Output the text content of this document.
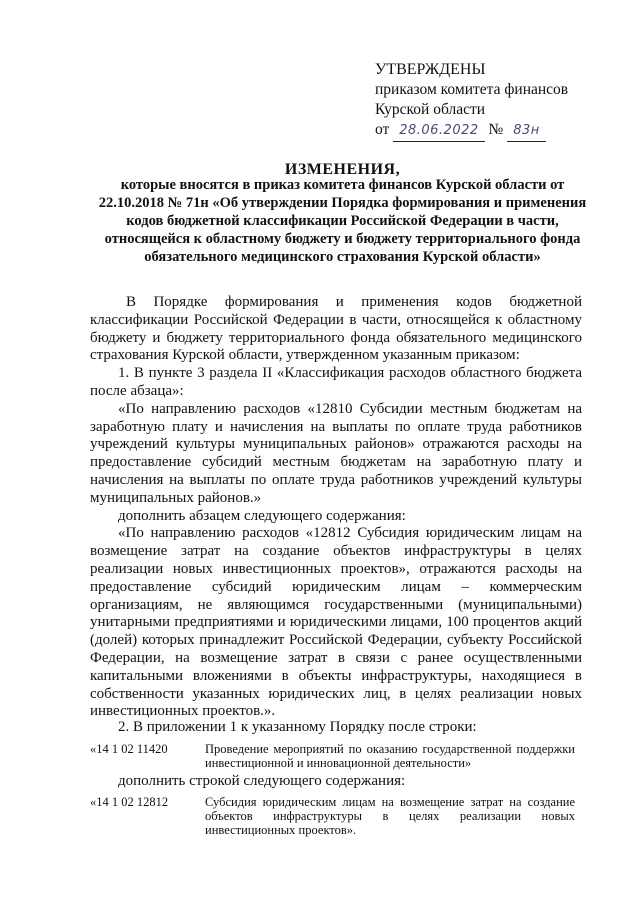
УТВЕРЖДЕНЫ
приказом комитета финансов
Курской области
от 28.06.2022 № 83н
ИЗМЕНЕНИЯ,
которые вносятся в приказ комитета финансов Курской области от 22.10.2018 № 71н «Об утверждении Порядка формирования и применения кодов бюджетной классификации Российской Федерации в части, относящейся к областному бюджету и бюджету территориального фонда обязательного медицинского страхования Курской области»

В Порядке формирования и применения кодов бюджетной классификации Российской Федерации в части, относящейся к областному бюджету и бюджету территориального фонда обязательного медицинского страхования Курской области, утвержденном указанным приказом:

1. В пункте 3 раздела II «Классификация расходов областного бюджета после абзаца»:

«По направлению расходов «12810 Субсидии местным бюджетам на заработную плату и начисления на выплаты по оплате труда работников учреждений культуры муниципальных районов» отражаются расходы на предоставление субсидий местным бюджетам на заработную плату и начисления на выплаты по оплате труда работников учреждений культуры муниципальных районов.»

дополнить абзацем следующего содержания:

«По направлению расходов «12812 Субсидия юридическим лицам на возмещение затрат на создание объектов инфраструктуры в целях реализации новых инвестиционных проектов», отражаются расходы на предоставление субсидий юридическим лицам – коммерческим организациям, не являющимся государственными (муниципальными) унитарными предприятиями и юридическими лицами, 100 процентов акций (долей) которых принадлежит Российской Федерации, субъекту Российской Федерации, на возмещение затрат в связи с ранее осуществленными капитальными вложениями в объекты инфраструктуры, находящиеся в собственности указанных юридических лиц, в целях реализации новых инвестиционных проектов.».

2. В приложении 1 к указанному Порядку после строки:

«14 1 02 11420	Проведение мероприятий по оказанию государственной поддержки инвестиционной и инновационной деятельности»

дополнить строкой следующего содержания:

«14 1 02 12812	Субсидия юридическим лицам на возмещение затрат на создание объектов инфраструктуры в целях реализации новых инвестиционных проектов».
